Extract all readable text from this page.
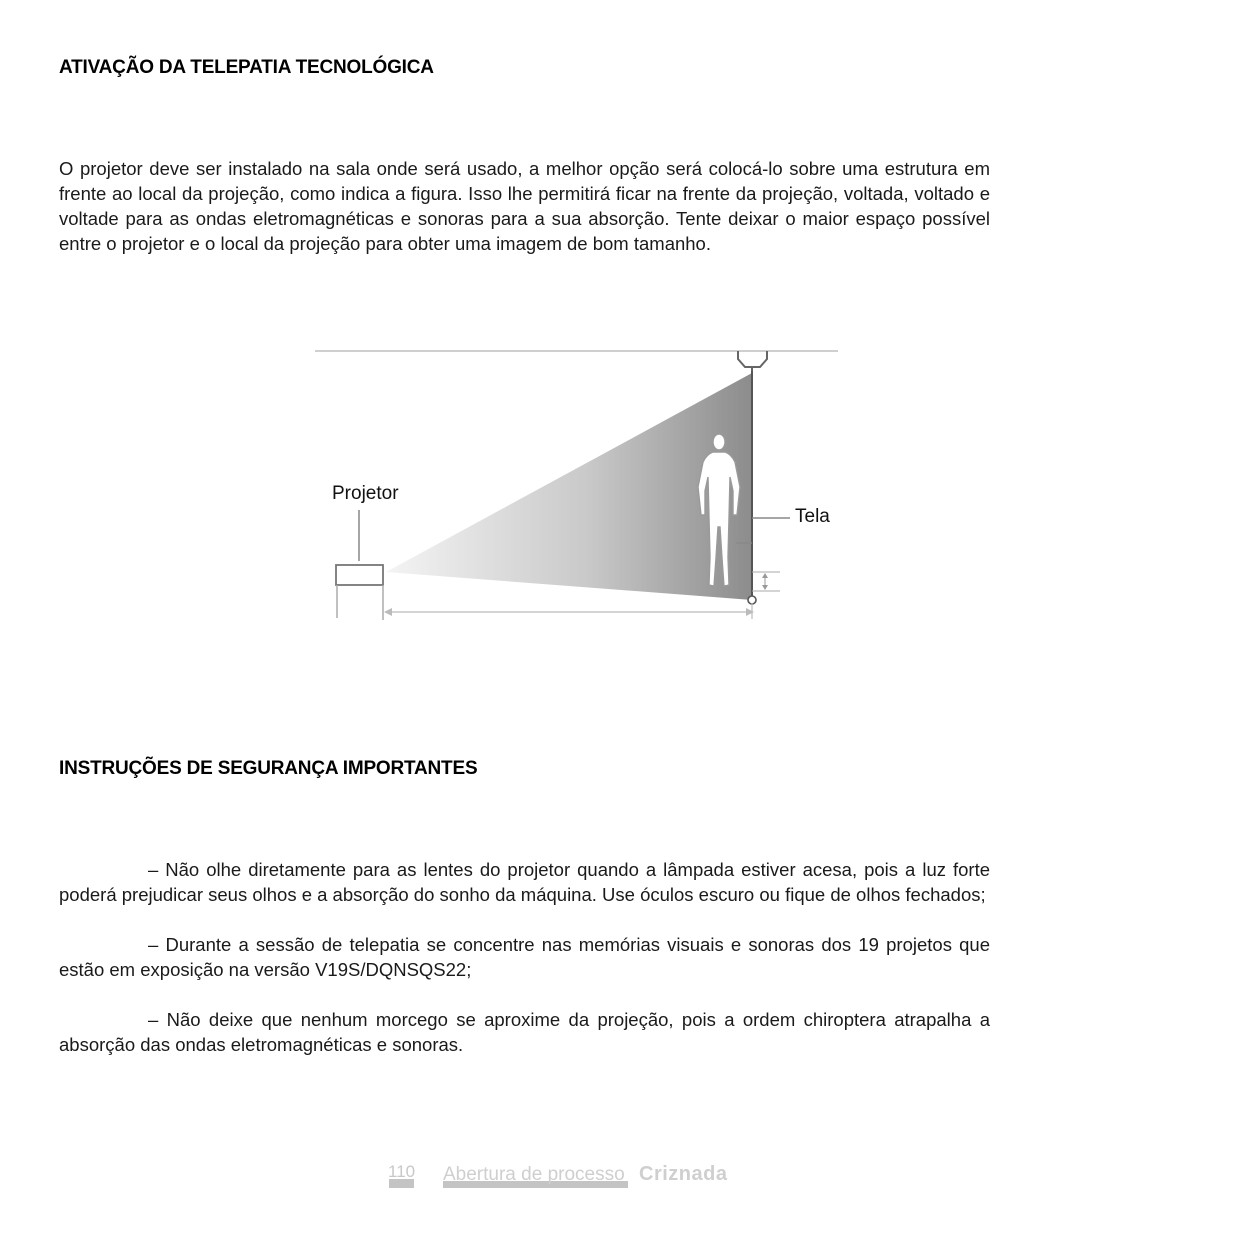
ATIVAÇÃO DA TELEPATIA TECNOLÓGICA

O projetor deve ser instalado na sala onde será usado, a melhor opção será colocá-lo sobre uma estrutura em frente ao local da projeção, como indica a figura. Isso lhe permitirá ficar na frente da projeção, voltada, voltado e voltade para as ondas eletromagnéticas e sonoras para a sua absorção. Tente deixar o maior espaço possível entre o projetor e o local da projeção para obter uma imagem de bom tamanho.

Projetor
Tela
INSTRUÇÕES DE SEGURANÇA IMPORTANTES

– Não olhe diretamente para as lentes do projetor quando a lâmpada estiver acesa, pois a luz forte poderá prejudicar seus olhos e a absorção do sonho da máquina. Use óculos escuro ou fique de olhos fechados;

– Durante a sessão de telepatia se concentre nas memórias visuais e sonoras dos 19 projetos que estão em exposição na versão V19S/DQNSQS22;

– Não deixe que nenhum morcego se aproxime da projeção, pois a ordem chiroptera atrapalha a absorção das ondas eletromagnéticas e sonoras.

110 Abertura de processo Criznada
